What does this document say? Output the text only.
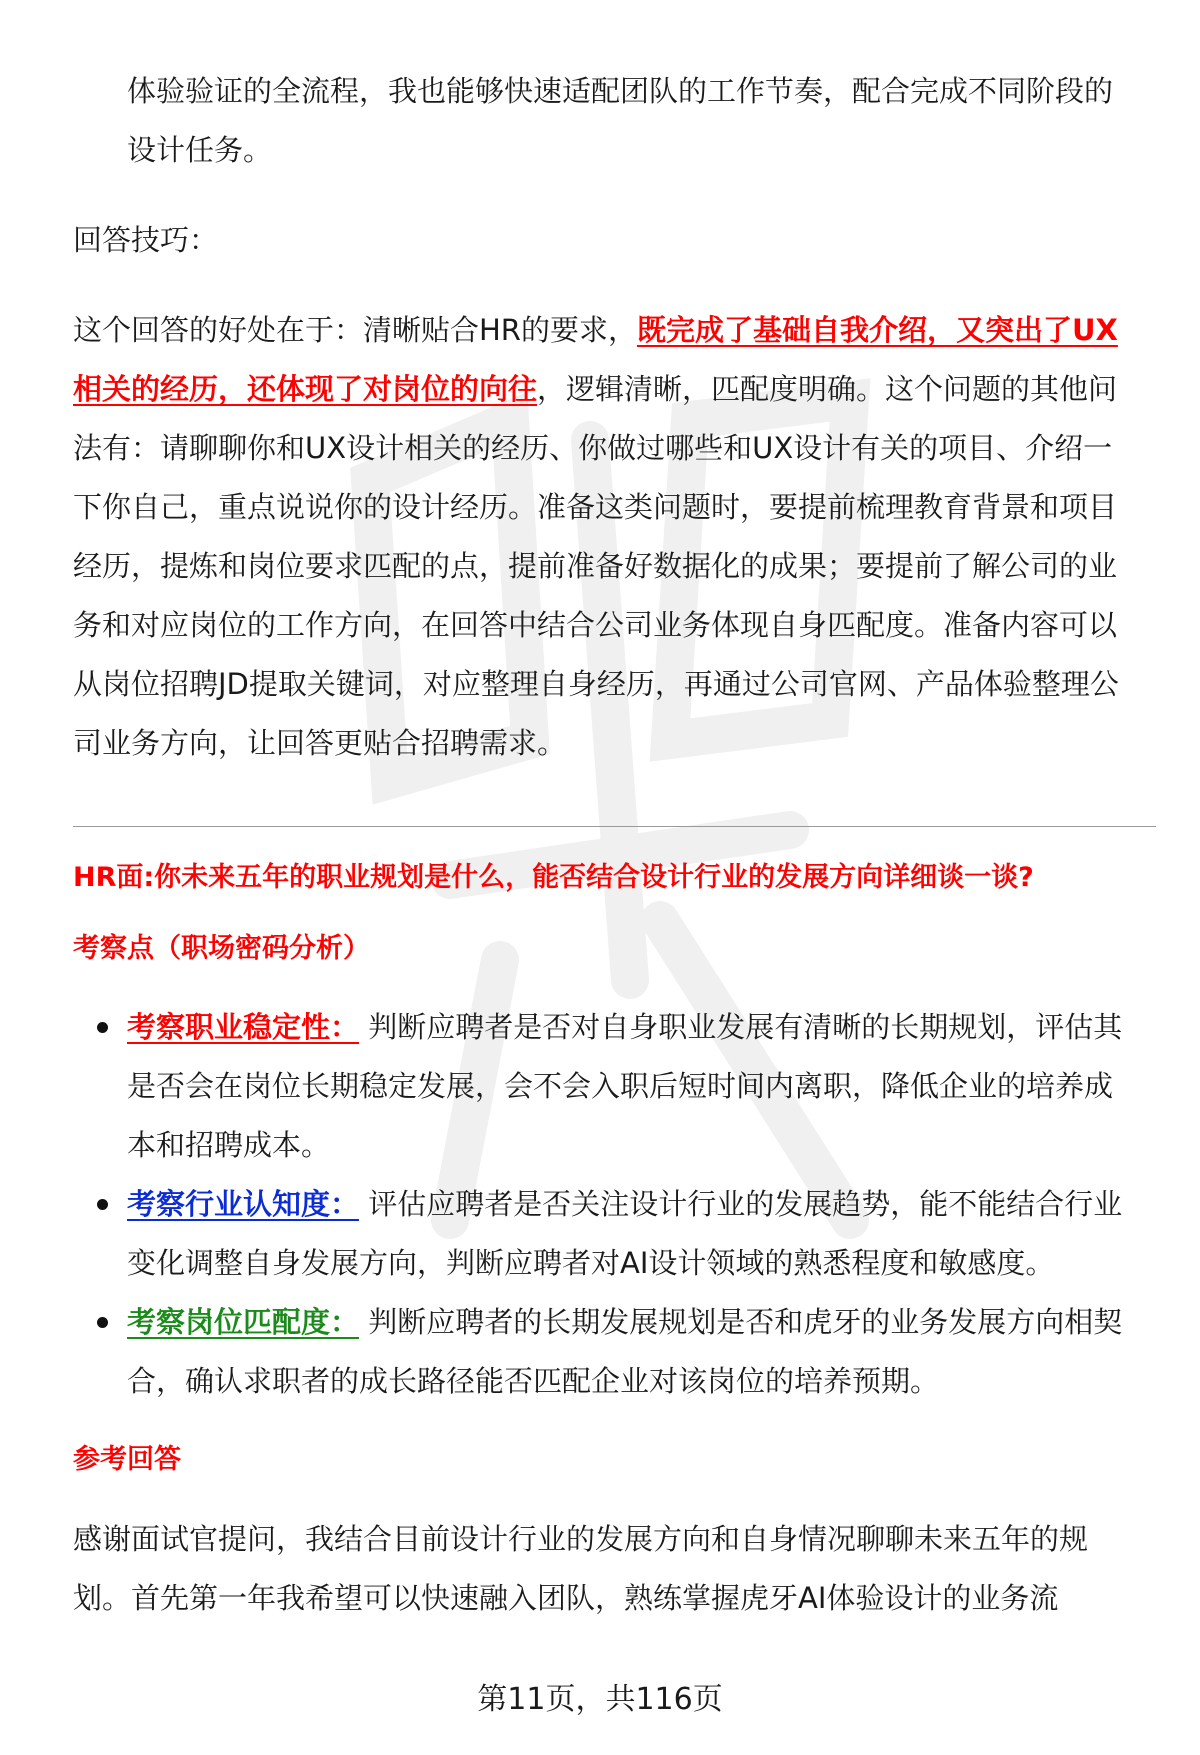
体验验证的全流程，我也能够快速适配团队的工作节奏，配合完成不同阶段的

设计任务。

回答技巧：

这个回答的好处在于：清晰贴合HR的要求，既完成了基础自我介绍，又突出了UX

相关的经历，还体现了对岗位的向往，逻辑清晰，匹配度明确。这个问题的其他问

法有：请聊聊你和UX设计相关的经历、你做过哪些和UX设计有关的项目、介绍一

下你自己，重点说说你的设计经历。准备这类问题时，要提前梳理教育背景和项目

经历，提炼和岗位要求匹配的点，提前准备好数据化的成果；要提前了解公司的业

务和对应岗位的工作方向，在回答中结合公司业务体现自身匹配度。准备内容可以

从岗位招聘JD提取关键词，对应整理自身经历，再通过公司官网、产品体验整理公

司业务方向，让回答更贴合招聘需求。

HR面:你未来五年的职业规划是什么，能否结合设计行业的发展方向详细谈一谈?

考察点（职场密码分析）

考察职业稳定性： 判断应聘者是否对自身职业发展有清晰的长期规划，评估其

是否会在岗位长期稳定发展，会不会入职后短时间内离职，降低企业的培养成

本和招聘成本。

考察行业认知度： 评估应聘者是否关注设计行业的发展趋势，能不能结合行业

变化调整自身发展方向，判断应聘者对AI设计领域的熟悉程度和敏感度。

考察岗位匹配度： 判断应聘者的长期发展规划是否和虎牙的业务发展方向相契

合，确认求职者的成长路径能否匹配企业对该岗位的培养预期。

参考回答

感谢面试官提问，我结合目前设计行业的发展方向和自身情况聊聊未来五年的规

划。首先第一年我希望可以快速融入团队，熟练掌握虎牙AI体验设计的业务流

第11页，共116页
